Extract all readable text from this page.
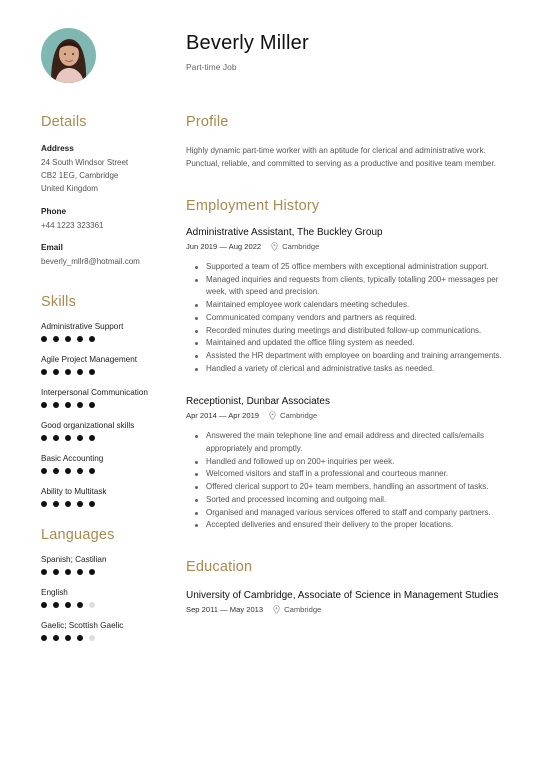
Beverly Miller
Part-time Job
Details
Address
24 South Windsor Street
CB2 1EG, Cambridge
United Kingdom
Phone
+44 1223 323361
Email
beverly_mllr8@hotmail.com
Skills
Administrative Support
Agile Project Management
Interpersonal Communication
Good organizational skills
Basic Accounting
Ability to Multitask
Languages
Spanish; Castilian
English
Gaelic; Scottish Gaelic
Profile
Highly dynamic part-time worker with an aptitude for clerical and administrative work. Punctual, reliable, and committed to serving as a productive and positive team member.
Employment History
Administrative Assistant, The Buckley Group
Jun 2019 — Aug 2022	Cambridge
Supported a team of 25 office members with exceptional administration support.
Managed inquiries and requests from clients, typically totalling 200+ messages per week, with speed and precision.
Maintained employee work calendars meeting schedules.
Communicated company vendors and partners as required.
Recorded minutes during meetings and distributed follow-up communications.
Maintained and updated the office filing system as needed.
Assisted the HR department with employee on boarding and training arrangements.
Handled a variety of clerical and administrative tasks as needed.
Receptionist, Dunbar Associates
Apr 2014 — Apr 2019	Cambridge
Answered the main telephone line and email address and directed calls/emails appropriately and promptly.
Handled and followed up on 200+ inquiries per week.
Welcomed visitors and staff in a professional and courteous manner.
Offered clerical support to 20+ team members, handling an assortment of tasks.
Sorted and processed incoming and outgoing mail.
Organised and managed various services offered to staff and company partners.
Accepted deliveries and ensured their delivery to the proper locations.
Education
University of Cambridge, Associate of Science in Management Studies
Sep 2011 — May 2013	Cambridge
